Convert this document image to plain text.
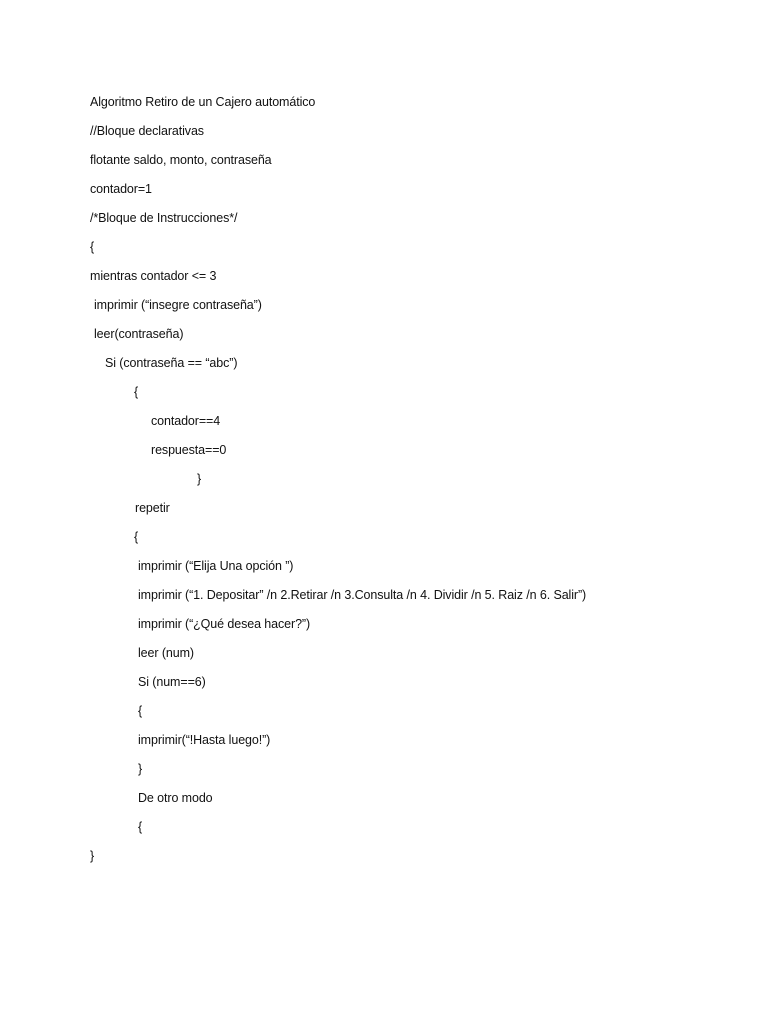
Algoritmo Retiro de un Cajero automático
//Bloque declarativas
flotante saldo, monto, contraseña
contador=1
/*Bloque de Instrucciones*/
{
mientras contador <= 3
imprimir (“insegre contraseña”)
leer(contraseña)
Si (contraseña == “abc”)
{
contador==4
respuesta==0
}
repetir
{
imprimir (“Elija Una opción ”)
imprimir (“1. Depositar” /n 2.Retirar /n 3.Consulta /n 4. Dividir /n 5. Raiz /n 6. Salir”)
imprimir (“¿Qué desea hacer?”)
leer (num)
Si (num==6)
{
imprimir(“!Hasta luego!”)
}
De otro modo
{
}
